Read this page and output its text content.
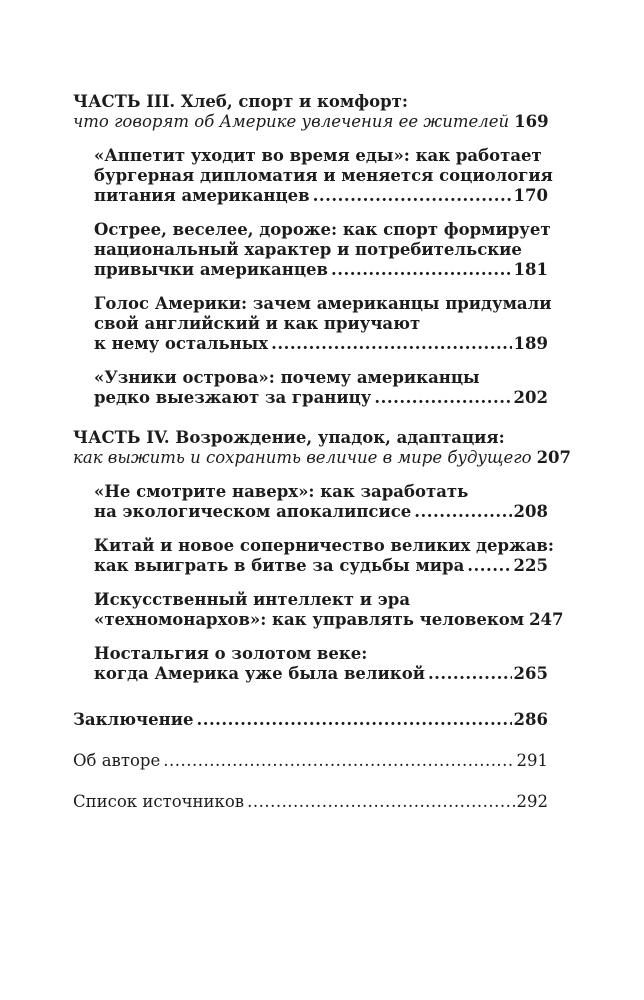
ЧАСТЬ III. Хлеб, спорт и комфорт:
что говорят об Америке увлечения ее жителей 169
«Аппетит уходит во время еды»: как работает
бургерная дипломатия и меняется социология
питания американцев .....	170
Острее, веселее, дороже: как спорт формирует
национальный характер и потребительские
привычки американцев .....	181
Голос Америки: зачем американцы придумали
свой английский и как приучают
к нему остальных .....	189
«Узники острова»: почему американцы
редко выезжают за границу .....	202
ЧАСТЬ IV. Возрождение, упадок, адаптация:
как выжить и сохранить величие в мире будущего 207
«Не смотрите наверх»: как заработать
на экологическом апокалипсисе .....	208
Китай и новое соперничество великих держав:
как выиграть в битве за судьбы мира .....	225
Искусственный интеллект и эра
«техномонархов»: как управлять человеком 247
Ностальгия о золотом веке:
когда Америка уже была великой .....	265
Заключение .....	286
Об авторе .....	291
Список источников .....	292
